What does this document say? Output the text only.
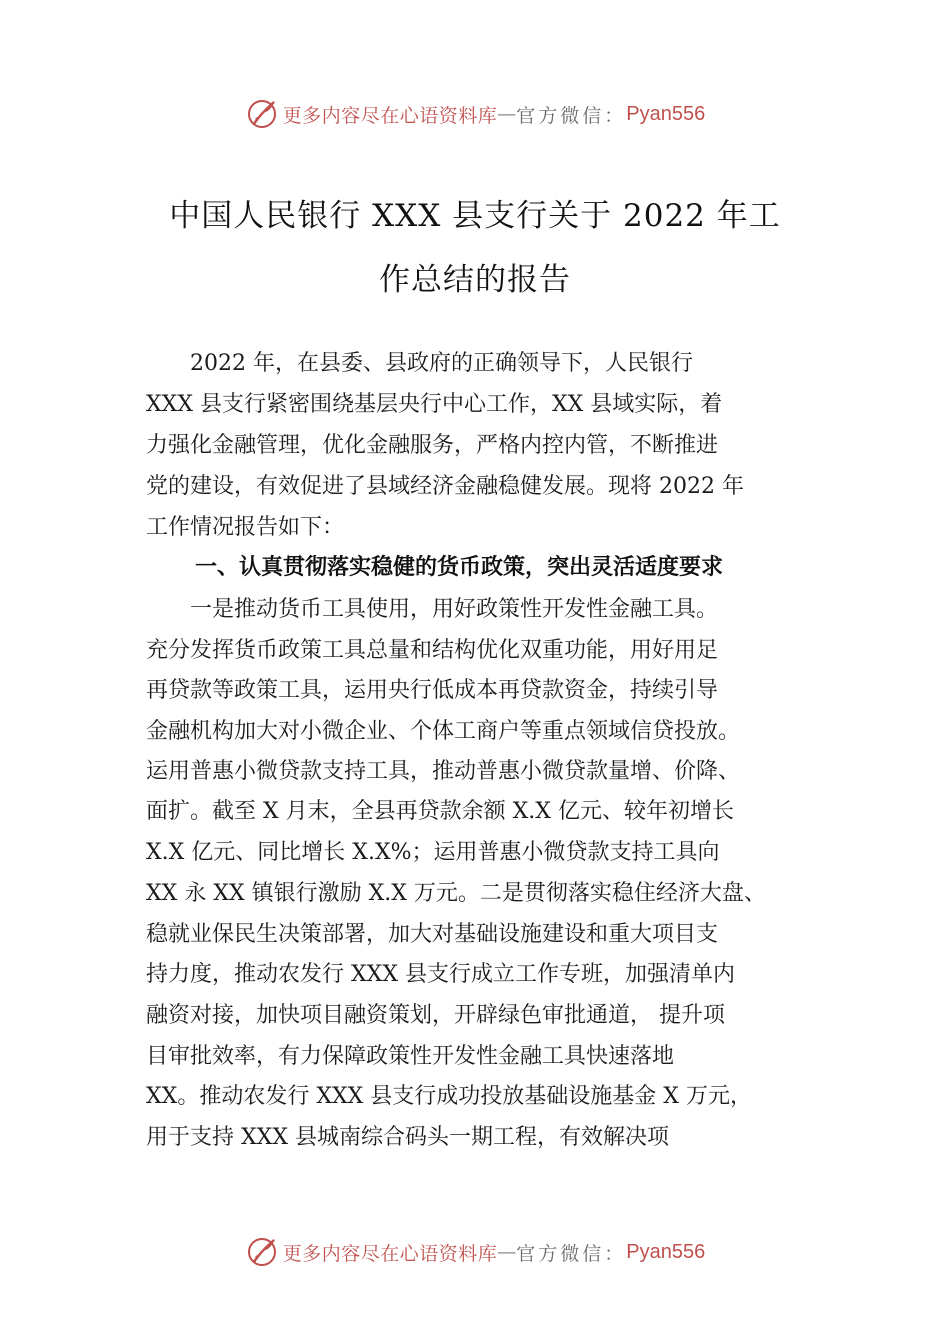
更多内容尽在心语资料库 — 官方微信： Pyan556
中国人民银行 XXX 县支行关于 2022 年工
作总结的报告
　　2022 年，在县委、县政府的正确领导下，人民银行
XXX 县支行紧密围绕基层央行中心工作，XX 县域实际，着
力强化金融管理，优化金融服务，严格内控内管，不断推进
党的建设，有效促进了县域经济金融稳健发展。现将 2022 年
工作情况报告如下：
一、认真贯彻落实稳健的货币政策，突出灵活适度要求
　　一是推动货币工具使用，用好政策性开发性金融工具。
充分发挥货币政策工具总量和结构优化双重功能，用好用足
再贷款等政策工具，运用央行低成本再贷款资金，持续引导
金融机构加大对小微企业、个体工商户等重点领域信贷投放。
运用普惠小微贷款支持工具，推动普惠小微贷款量增、价降、
面扩。截至 X 月末，全县再贷款余额 X.X 亿元、较年初增长
X.X 亿元、同比增长 X.X%；运用普惠小微贷款支持工具向
XX 永 XX 镇银行激励 X.X 万元。二是贯彻落实稳住经济大盘、
稳就业保民生决策部署，加大对基础设施建设和重大项目支
持力度，推动农发行 XXX 县支行成立工作专班，加强清单内
融资对接，加快项目融资策划，开辟绿色审批通道， 提升项
目审批效率，有力保障政策性开发性金融工具快速落地
XX。推动农发行 XXX 县支行成功投放基础设施基金 X 万元，
用于支持 XXX 县城南综合码头一期工程，有效解决项
更多内容尽在心语资料库 — 官方微信： Pyan556
